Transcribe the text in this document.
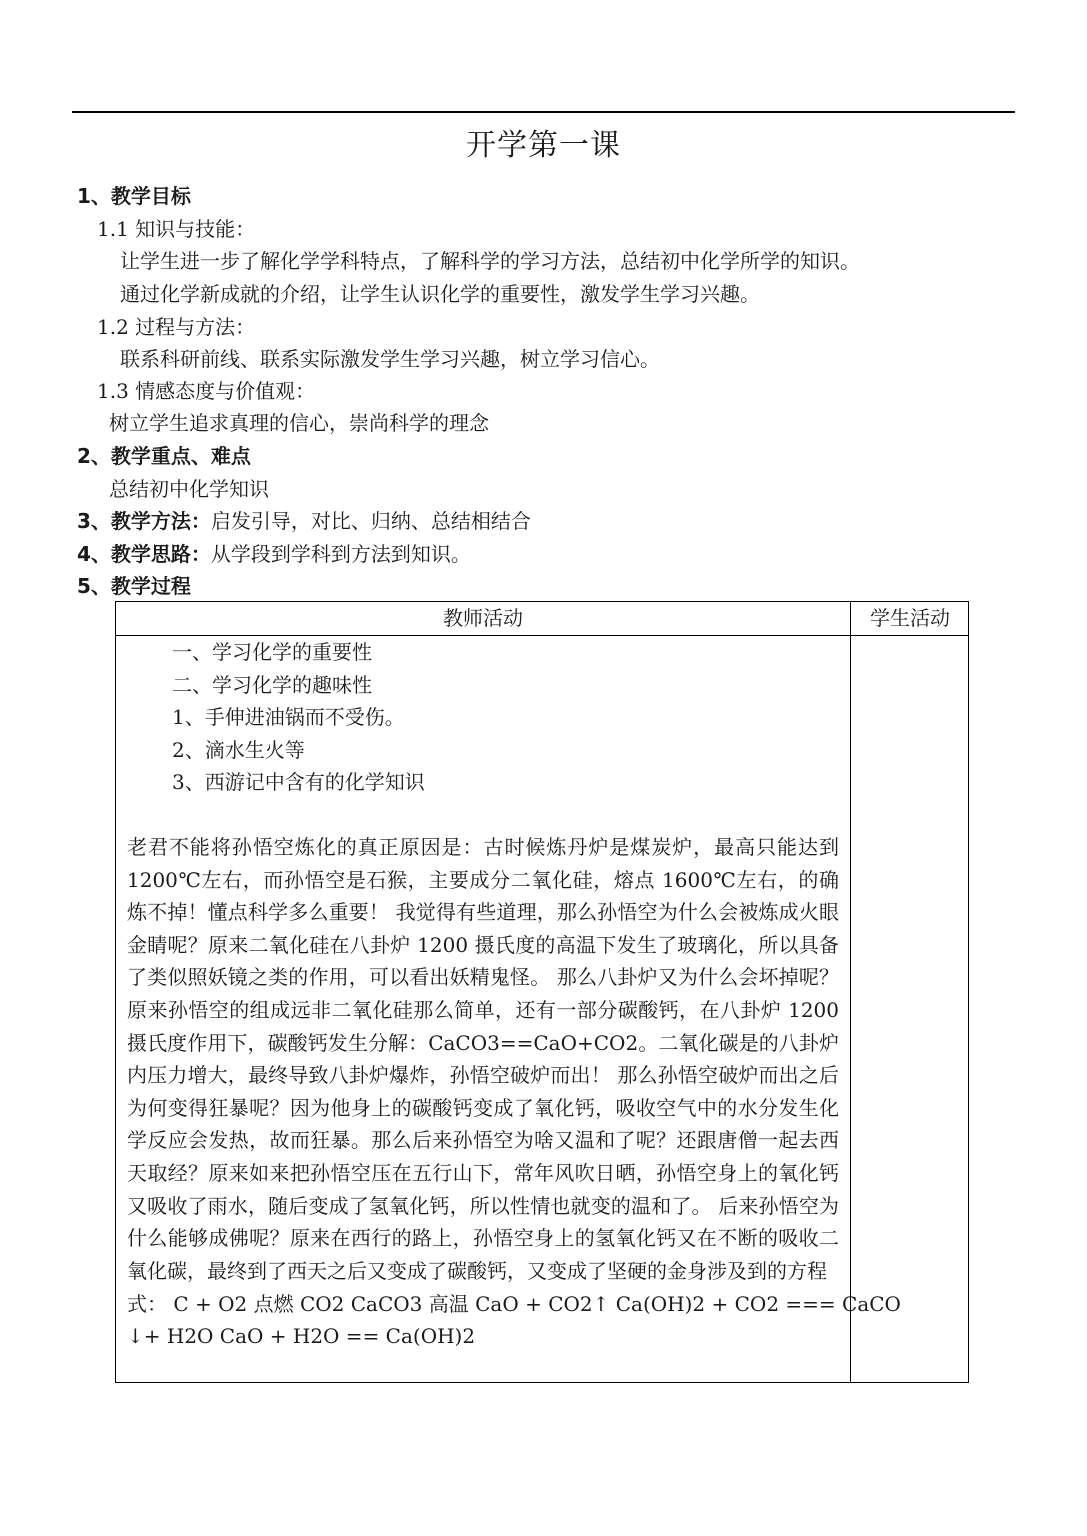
开学第一课
1、教学目标
1.1 知识与技能：
让学生进一步了解化学学科特点，了解科学的学习方法，总结初中化学所学的知识。
通过化学新成就的介绍，让学生认识化学的重要性，激发学生学习兴趣。
1.2 过程与方法：
联系科研前线、联系实际激发学生学习兴趣，树立学习信心。
1.3 情感态度与价值观：
树立学生追求真理的信心，崇尚科学的理念
2、教学重点、难点
总结初中化学知识
3、教学方法：启发引导，对比、归纳、总结相结合
4、教学思路：从学段到学科到方法到知识。
5、教学过程
教师活动	学生活动
一、学习化学的重要性
二、学习化学的趣味性
1、手伸进油锅而不受伤。
2、滴水生火等
3、西游记中含有的化学知识
老君不能将孙悟空炼化的真正原因是：古时候炼丹炉是煤炭炉，最高只能达到 1200℃左右，而孙悟空是石猴，主要成分二氧化硅，熔点 1600℃左右，的确炼不掉！懂点科学多么重要！ 我觉得有些道理，那么孙悟空为什么会被炼成火眼金睛呢？原来二氧化硅在八卦炉 1200 摄氏度的高温下发生了玻璃化，所以具备了类似照妖镜之类的作用，可以看出妖精鬼怪。 那么八卦炉又为什么会坏掉呢？原来孙悟空的组成远非二氧化硅那么简单，还有一部分碳酸钙，在八卦炉 1200 摄氏度作用下，碳酸钙发生分解：CaCO3==CaO+CO2。二氧化碳是的八卦炉内压力增大，最终导致八卦炉爆炸，孙悟空破炉而出！ 那么孙悟空破炉而出之后为何变得狂暴呢？因为他身上的碳酸钙变成了氧化钙，吸收空气中的水分发生化学反应会发热，故而狂暴。那么后来孙悟空为啥又温和了呢？还跟唐僧一起去西天取经？原来如来把孙悟空压在五行山下，常年风吹日晒，孙悟空身上的氧化钙又吸收了雨水，随后变成了氢氧化钙，所以性情也就变的温和了。 后来孙悟空为什么能够成佛呢？原来在西行的路上，孙悟空身上的氢氧化钙又在不断的吸收二氧化碳，最终到了西天之后又变成了碳酸钙，又变成了坚硬的金身涉及到的方程
式： C + O2 点燃 CO2 CaCO3 高温 CaO + CO2↑ Ca(OH)2 + CO2 === CaCO
↓+ H2O CaO + H2O == Ca(OH)2
